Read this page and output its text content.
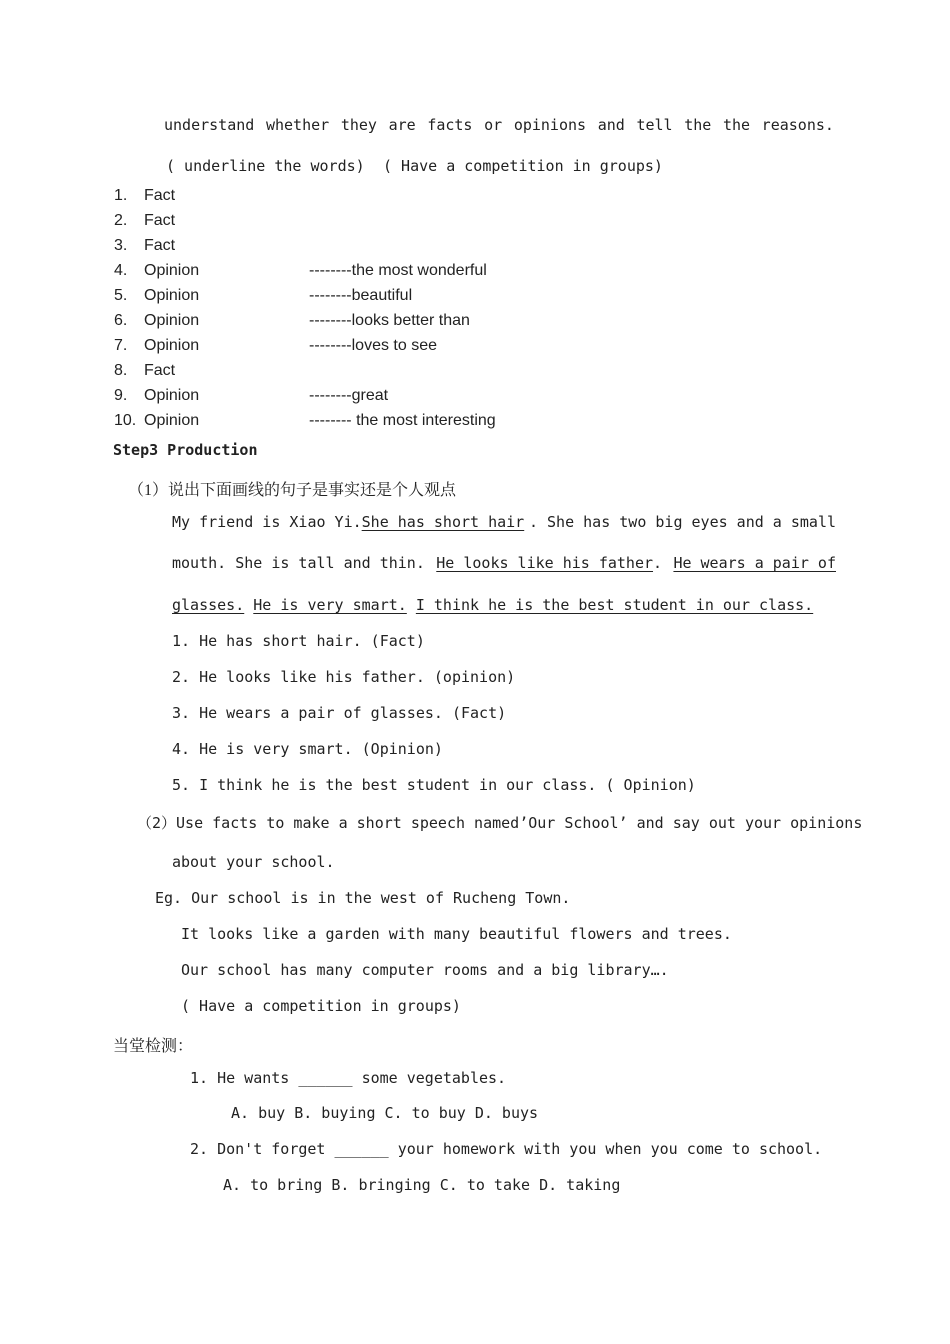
understand whether they are facts or opinions and tell the the reasons.
( underline the words) ( Have a competition in groups)
1. Fact
2. Fact
3. Fact
4. Opinion	--------the most wonderful
5. Opinion	--------beautiful
6. Opinion	--------looks better than
7. Opinion	--------loves to see
8. Fact
9. Opinion	--------great
10. Opinion	-------- the most interesting
Step3 Production
（1）说出下面画线的句子是事实还是个人观点
My friend is Xiao Yi. She has short hair . She has two big eyes and a small
mouth. She is tall and thin. He looks like his father. He wears a pair of
glasses. He is very smart. I think he is the best student in our class.
1. He has short hair. (Fact)
2. He looks like his father. (opinion)
3. He wears a pair of glasses. (Fact)
4. He is very smart. (Opinion)
5. I think he is the best student in our class. ( Opinion)
（2）Use facts to make a short speech named’Our School’ and say out your opinions
about your school.
Eg. Our school is in the west of Rucheng Town.
It looks like a garden with many beautiful flowers and trees.
Our school has many computer rooms and a big library….
( Have a competition in groups)
当堂检测：
1. He wants ______ some vegetables.
A. buy B. buying C. to buy D. buys
2. Don't forget ______ your homework with you when you come to school.
A. to bring B. bringing C. to take D. taking
